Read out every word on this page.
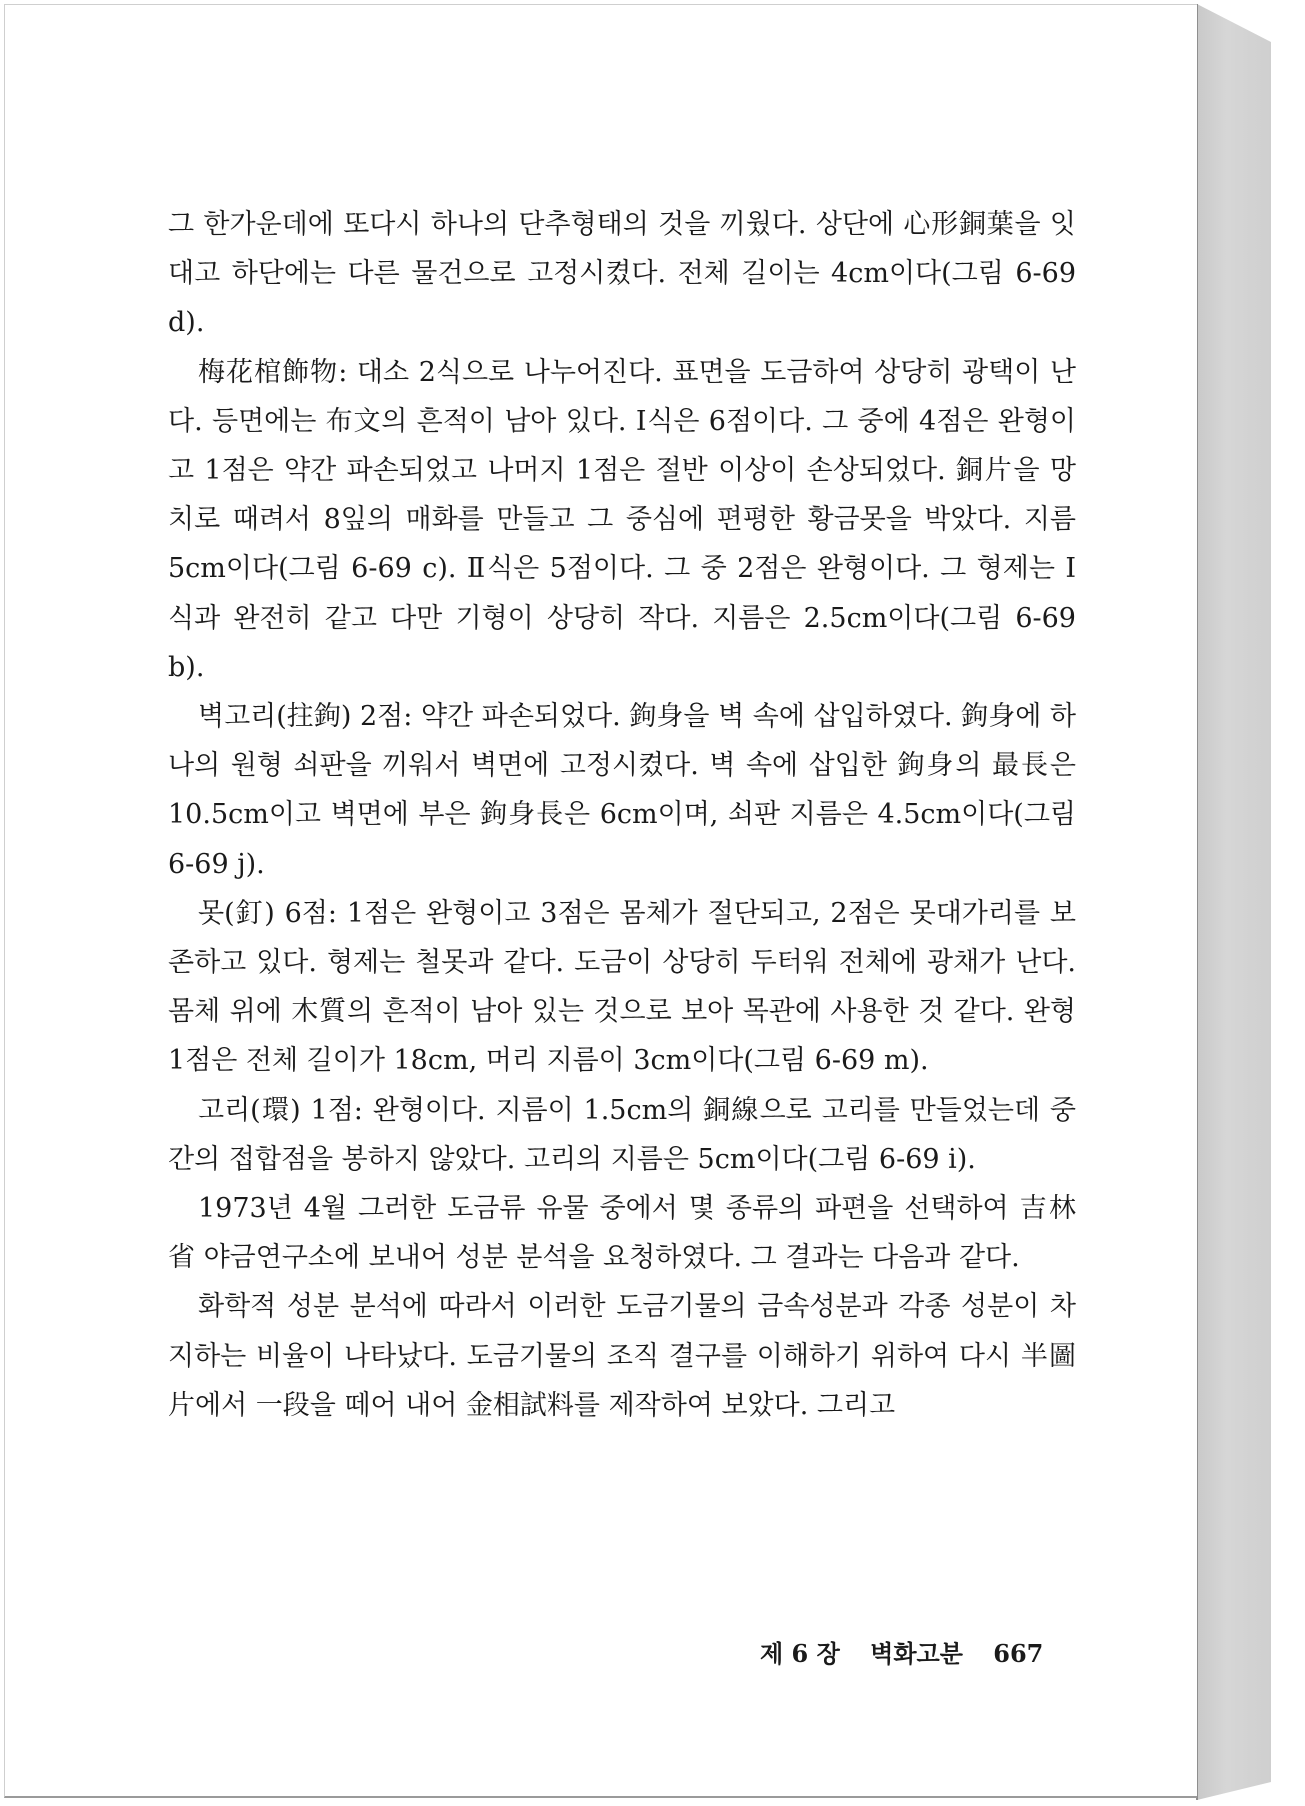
그 한가운데에 또다시 하나의 단추형태의 것을 끼웠다. 상단에 心形銅葉을 잇대고 하단에는 다른 물건으로 고정시켰다. 전체 길이는 4cm이다(그림 6-69 d).

梅花棺飾物: 대소 2식으로 나누어진다. 표면을 도금하여 상당히 광택이 난다. 등면에는 布文의 흔적이 남아 있다. Ⅰ식은 6점이다. 그 중에 4점은 완형이고 1점은 약간 파손되었고 나머지 1점은 절반 이상이 손상되었다. 銅片을 망치로 때려서 8잎의 매화를 만들고 그 중심에 편평한 황금못을 박았다. 지름 5cm이다(그림 6-69 c). Ⅱ식은 5점이다. 그 중 2점은 완형이다. 그 형제는 Ⅰ식과 완전히 같고 다만 기형이 상당히 작다. 지름은 2.5cm이다(그림 6-69 b).

벽고리(拄鉤) 2점: 약간 파손되었다. 鉤身을 벽 속에 삽입하였다. 鉤身에 하나의 원형 쇠판을 끼워서 벽면에 고정시켰다. 벽 속에 삽입한 鉤身의 最長은 10.5cm이고 벽면에 부은 鉤身長은 6cm이며, 쇠판 지름은 4.5cm이다(그림 6-69 j).

못(釘) 6점: 1점은 완형이고 3점은 몸체가 절단되고, 2점은 못대가리를 보존하고 있다. 형제는 철못과 같다. 도금이 상당히 두터워 전체에 광채가 난다. 몸체 위에 木質의 흔적이 남아 있는 것으로 보아 목관에 사용한 것 같다. 완형 1점은 전체 길이가 18cm, 머리 지름이 3cm이다(그림 6-69 m).

고리(環) 1점: 완형이다. 지름이 1.5cm의 銅線으로 고리를 만들었는데 중간의 접합점을 봉하지 않았다. 고리의 지름은 5cm이다(그림 6-69 i).

1973년 4월 그러한 도금류 유물 중에서 몇 종류의 파편을 선택하여 吉林省 야금연구소에 보내어 성분 분석을 요청하였다. 그 결과는 다음과 같다.

화학적 성분 분석에 따라서 이러한 도금기물의 금속성분과 각종 성분이 차지하는 비율이 나타났다. 도금기물의 조직 결구를 이해하기 위하여 다시 半圖片에서 一段을 떼어 내어 金相試料를 제작하여 보았다. 그리고

제 6 장 벽화고분 667
